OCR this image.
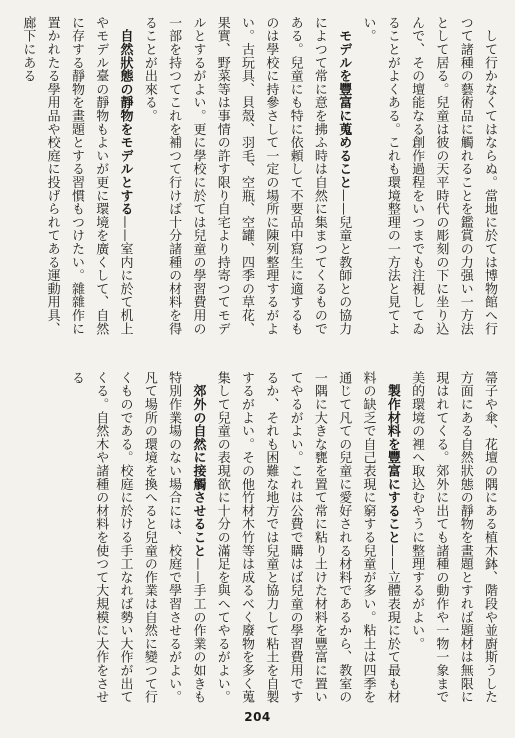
　して行かなくてはならぬ。當地に於ては博物館へ行つて諸種の藝術品に觸れることを鑑賞の力强い一方法として居る。兒童は彼の天平時代の彫刻の下に坐り込んで、その壇能なる創作過程をいつまでも注視してゐることがよくある。これも環境整理の一方法と見てよい。

　モデルを豐富に蒐めること——兒童と教師との協力によつて常に意を拂ふ時は自然に集まつてくるものである。兒童にも特に依頼して不要品中寫生に適するものは學校に持參さして一定の場所に陳列整理するがよい。古玩具、貝殼、羽毛、空瓶、空罐、四季の草花、果實、野菜等は事情の許す限り自宅より持寄つてモデルとするがよい。更に學校に於ては兒童の學習費用の一部を持つてこれを補つて行けば十分諸種の材料を得ることが出來る。

　自然狀態の靜物をモデルとする——室内に於て机上やモデル臺の靜物もよいが更に環境を廣くして、自然に存する靜物を畫題とする習慣もつけたい。雜雜作に置かれたる學用品や校庭に投げられてある運動用具、廊下にある

箒子や傘、花壇の隅にある植木鉢、階段や並廚斯うした方面にある自然狀態の靜物を畫題とすれば題材は無限に現はれてくる。郊外に出ても諸種の動作や一物一象まで美的環境の裡へ取込むやうに整理するがよい。

　製作材料を豐富にすること——立體表現に於て最も材料の缺乏で自己表現に窮する兒童が多い。粘土は四季を通じて凡ての兒童に愛好される材料であるから、教室の一隅に大きな甕を置て常に粘り土けた材料を豐富に置いてやるがよい。これは公費で購はば兒童の學習費用でするか、それも困難な地方では兒童と協力して粘土を自製するがよい。その他竹材木竹等は成るべく廢物を多く蒐集して兒童の表現欲に十分の滿足を與へてやるがよい。

　郊外の自然に接觸させること——手工の作業の如きも特別作業場のない場合には、校庭で學習させるがよい。凡て場所の環境を換へると兒童の作業は自然に變つて行くものである。校庭に於ける手工なれば勢い大作が出てくる。自然木や諸種の材料を使つて大規模に大作をさせる

204
